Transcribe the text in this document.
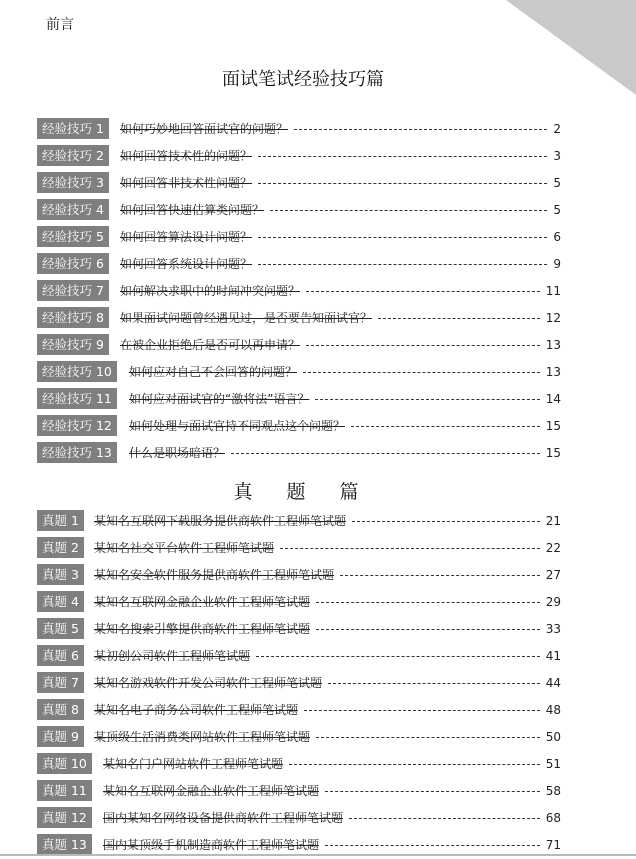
前言
面试笔试经验技巧篇
经验技巧 1	如何巧妙地回答面试官的问题？	2
经验技巧 2	如何回答技术性的问题？	3
经验技巧 3	如何回答非技术性问题？	5
经验技巧 4	如何回答快速估算类问题？	5
经验技巧 5	如何回答算法设计问题？	6
经验技巧 6	如何回答系统设计问题？	9
经验技巧 7	如何解决求职中的时间冲突问题？	11
经验技巧 8	如果面试问题曾经遇见过，是否要告知面试官？	12
经验技巧 9	在被企业拒绝后是否可以再申请？	13
经验技巧 10	如何应对自己不会回答的问题？	13
经验技巧 11	如何应对面试官的“激将法”语言？	14
经验技巧 12	如何处理与面试官持不同观点这个问题？	15
经验技巧 13	什么是职场暗语？	15
真 题 篇
真题 1	某知名互联网下载服务提供商软件工程师笔试题	21
真题 2	某知名社交平台软件工程师笔试题	22
真题 3	某知名安全软件服务提供商软件工程师笔试题	27
真题 4	某知名互联网金融企业软件工程师笔试题	29
真题 5	某知名搜索引擎提供商软件工程师笔试题	33
真题 6	某初创公司软件工程师笔试题	41
真题 7	某知名游戏软件开发公司软件工程师笔试题	44
真题 8	某知名电子商务公司软件工程师笔试题	48
真题 9	某顶级生活消费类网站软件工程师笔试题	50
真题 10	某知名门户网站软件工程师笔试题	51
真题 11	某知名互联网金融企业软件工程师笔试题	58
真题 12	国内某知名网络设备提供商软件工程师笔试题	68
真题 13	国内某顶级手机制造商软件工程师笔试题	71
